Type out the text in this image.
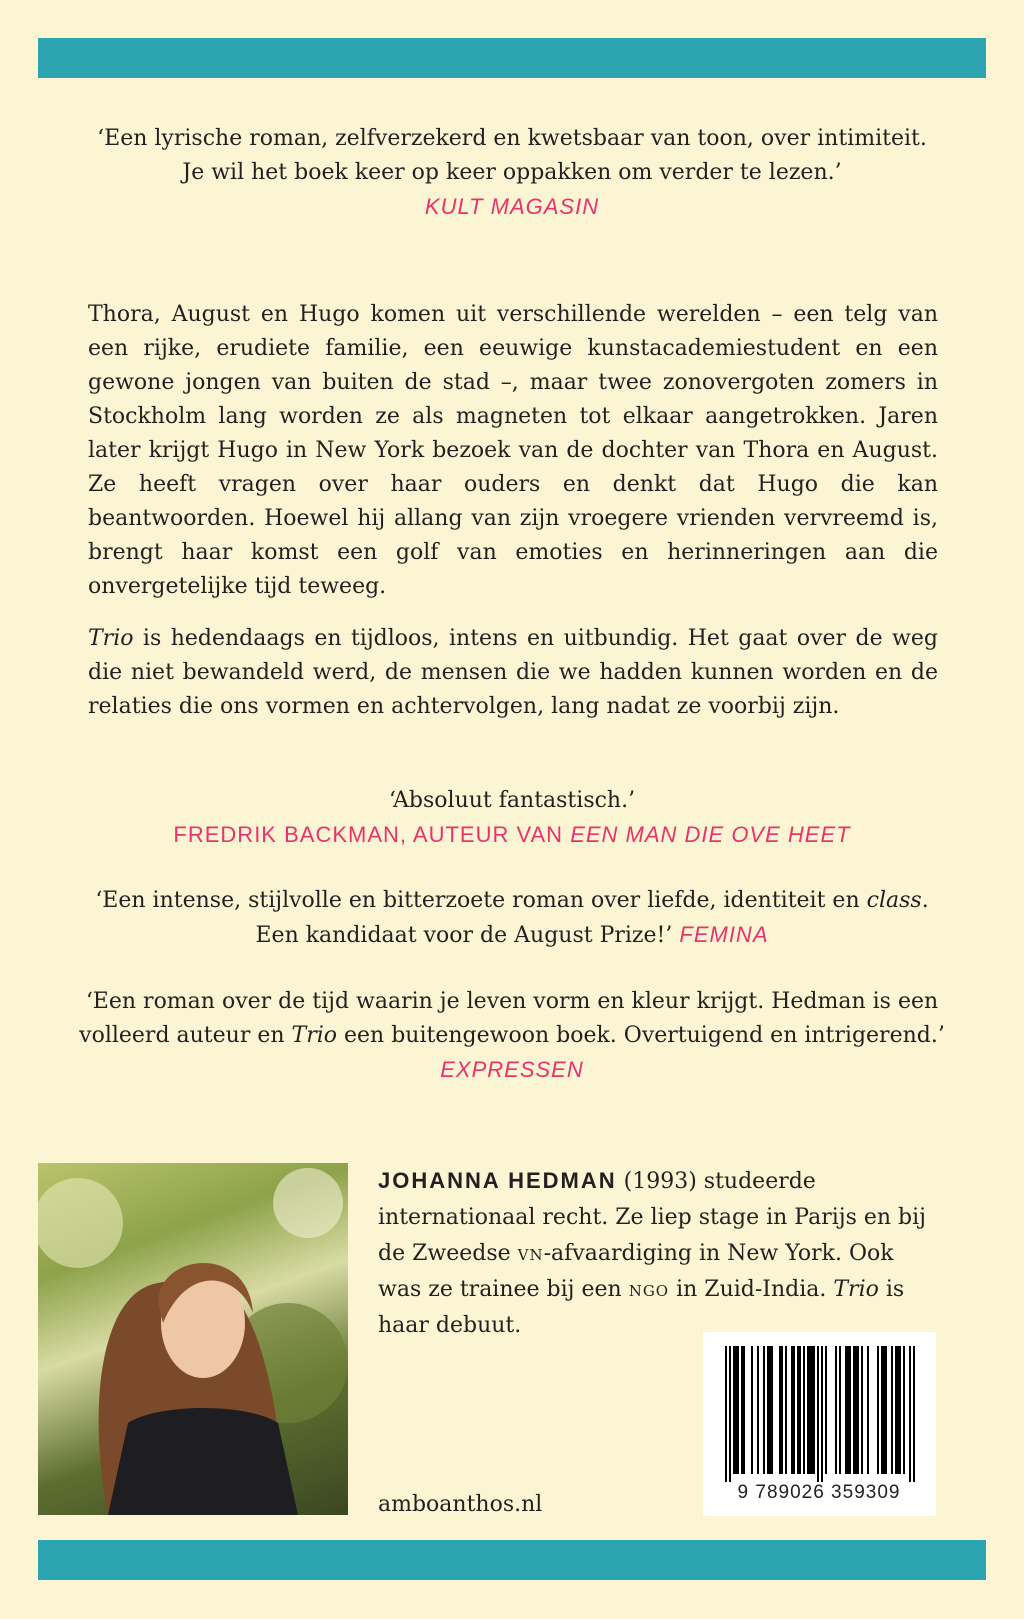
‘Een lyrische roman, zelfverzekerd en kwetsbaar van toon, over intimiteit.
Je wil het boek keer op keer oppakken om verder te lezen.’
KULT MAGASIN

Thora, August en Hugo komen uit verschillende werelden – een telg van een rijke, erudiete familie, een eeuwige kunstacademiestudent en een gewone jongen van buiten de stad –, maar twee zonovergoten zomers in Stockholm lang worden ze als magneten tot elkaar aangetrokken. Jaren later krijgt Hugo in New York bezoek van de dochter van Thora en August. Ze heeft vragen over haar ouders en denkt dat Hugo die kan beantwoorden. Hoewel hij allang van zijn vroegere vrienden vervreemd is, brengt haar komst een golf van emoties en herinneringen aan die onvergetelijke tijd teweeg.

Trio is hedendaags en tijdloos, intens en uitbundig. Het gaat over de weg die niet bewandeld werd, de mensen die we hadden kunnen worden en de relaties die ons vormen en achtervolgen, lang nadat ze voorbij zijn.

‘Absoluut fantastisch.’
FREDRIK BACKMAN, AUTEUR VAN EEN MAN DIE OVE HEET
‘Een intense, stijlvolle en bitterzoete roman over liefde, identiteit en class.
Een kandidaat voor de August Prize!’ FEMINA
‘Een roman over de tijd waarin je leven vorm en kleur krijgt. Hedman is een
volleerd auteur en Trio een buitengewoon boek. Overtuigend en intrigerend.’
EXPRESSEN
JOHANNA HEDMAN (1993) studeerde internationaal recht. Ze liep stage in Parijs en bij de Zweedse vn-afvaardiging in New York. Ook was ze trainee bij een ngo in Zuid-India. Trio is haar debuut.
amboanthos.nl	9 789026 359309
